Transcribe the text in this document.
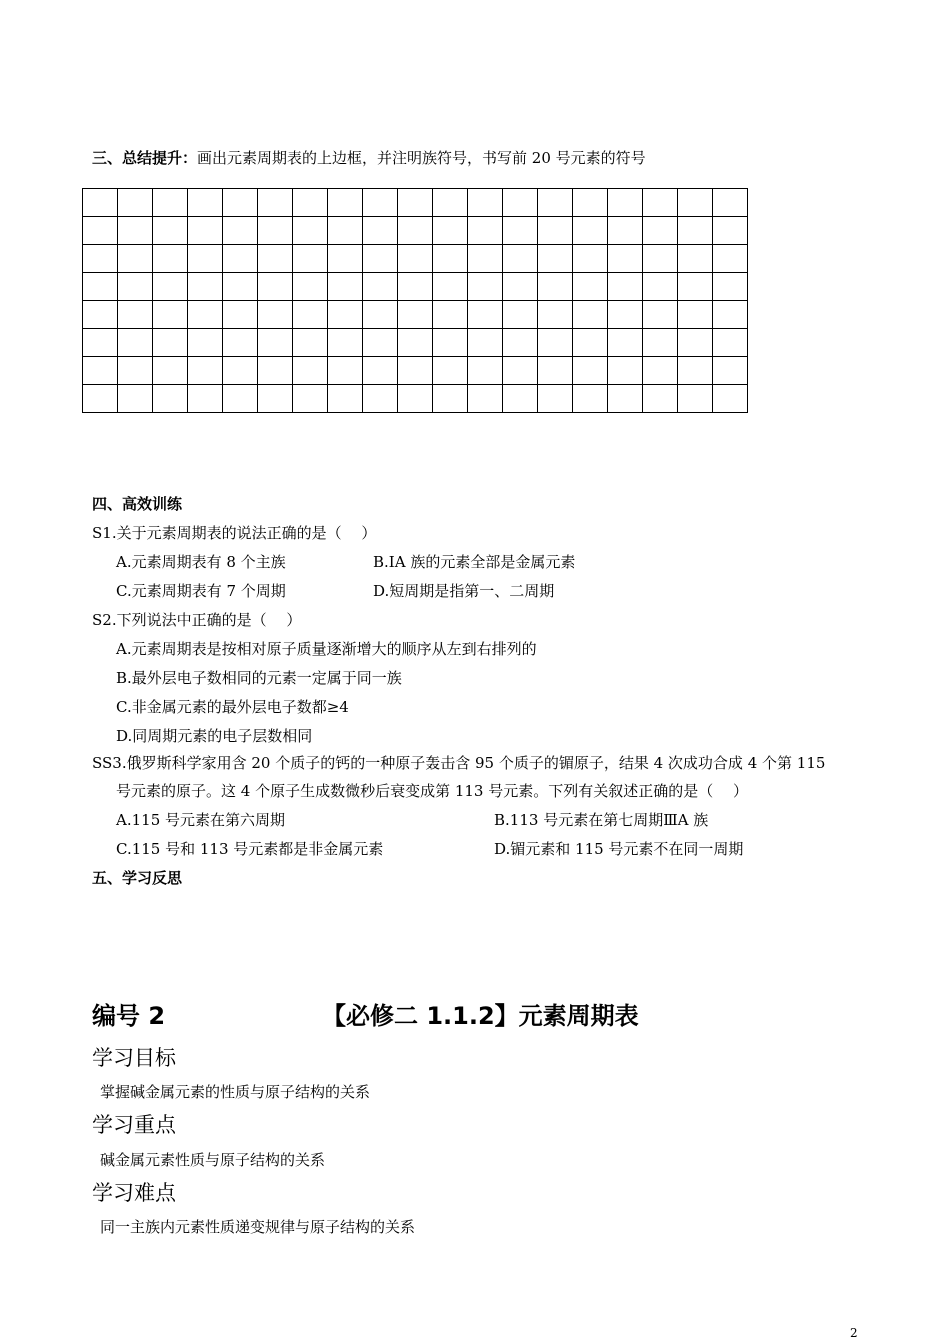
三、总结提升：画出元素周期表的上边框，并注明族符号，书写前 20 号元素的符号

四、高效训练
S1.关于元素周期表的说法正确的是（　 ）
A.元素周期表有 8 个主族	B.ⅠA 族的元素全部是金属元素
C.元素周期表有 7 个周期	D.短周期是指第一、二周期
S2.下列说法中正确的是（　 ）
A.元素周期表是按相对原子质量逐渐增大的顺序从左到右排列的
B.最外层电子数相同的元素一定属于同一族
C.非金属元素的最外层电子数都≥4
D.同周期元素的电子层数相同
SS3.俄罗斯科学家用含 20 个质子的钙的一种原子轰击含 95 个质子的镅原子，结果 4 次成功合成 4 个第 115
号元素的原子。这 4 个原子生成数微秒后衰变成第 113 号元素。下列有关叙述正确的是（　 ）
A.115 号元素在第六周期	B.113 号元素在第七周期ⅢA 族
C.115 号和 113 号元素都是非金属元素	D.镅元素和 115 号元素不在同一周期
五、学习反思
编号 2	【必修二 1.1.2】元素周期表
学习目标
掌握碱金属元素的性质与原子结构的关系
学习重点
碱金属元素性质与原子结构的关系
学习难点
同一主族内元素性质递变规律与原子结构的关系
2
